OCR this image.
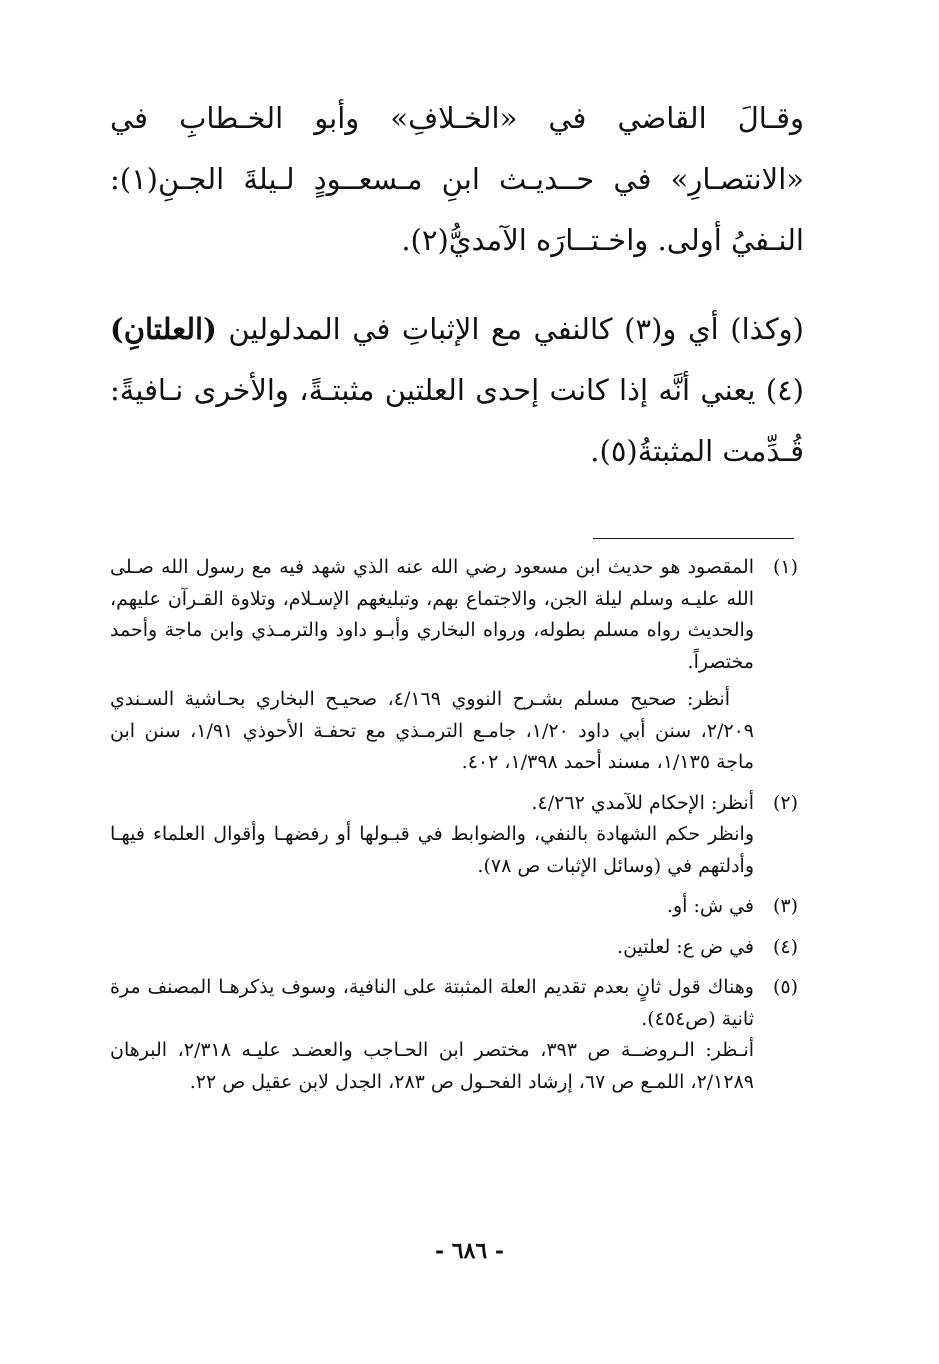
وقـالَ القاضي في «الخـلافِ» وأبو الخـطابِ في «الانتصـارِ» في حــديـث ابنِ مـسعــودٍ لـيلةَ الجـنِ(١): النـفيُ أولى. واخـتــارَه الآمديُّ(٢).

(وكذا) أي و(٣) كالنفي مع الإثباتِ في المدلولين (العلتانِ)(٤) يعني أنَّه إذا كانت إحدى العلتين مثبتـةً، والأخرى نـافيةً: قُـدِّمت المثبتةُ(٥).

(١)

المقصود هو حديث ابن مسعود رضي الله عنه الذي شهد فيه مع رسول الله صـلى الله عليـه وسلم ليلة الجن، والاجتماع بهم، وتبليغهم الإسـلام، وتلاوة القـرآن عليهم، والحديث رواه مسلم بطوله، ورواه البخاري وأبـو داود والترمـذي وابن ماجة وأحمد مختصراً.

أنظر: صحيح مسلم بشـرح النووي ٤/١٦٩، صحيـح البخاري بحـاشية السـندي ٢/٢٠٩، سنن أبي داود ١/٢٠، جامـع الترمـذي مع تحفـة الأحوذي ١/٩١، سنن ابن ماجة ١/١٣٥، مسند أحمد ١/٣٩٨، ٤٠٢.

(٢)

أنظر: الإحكام للآمدي ٤/٢٦٢.

وانظر حكم الشهادة بالنفي، والضوابط في قبـولها أو رفضهـا وأقوال العلماء فيهـا وأدلتهم في (وسائل الإثبات ص ٧٨).

(٣)

في ش: أو.

(٤)

في ض ع: لعلتين.

(٥)

وهناك قول ثانٍ بعدم تقديم العلة المثبتة على النافية، وسوف يذكرهـا المصنف مرة ثانية (ص٤٥٤).

أنـظر: الـروضــة ص ٣٩٣، مختصر ابن الحـاجب والعضـد عليـه ٢/٣١٨، البرهان ٢/١٢٨٩، اللمـع ص ٦٧، إرشاد الفحـول ص ٢٨٣، الجدل لابن عقيل ص ٢٢.

- ٦٨٦ -
